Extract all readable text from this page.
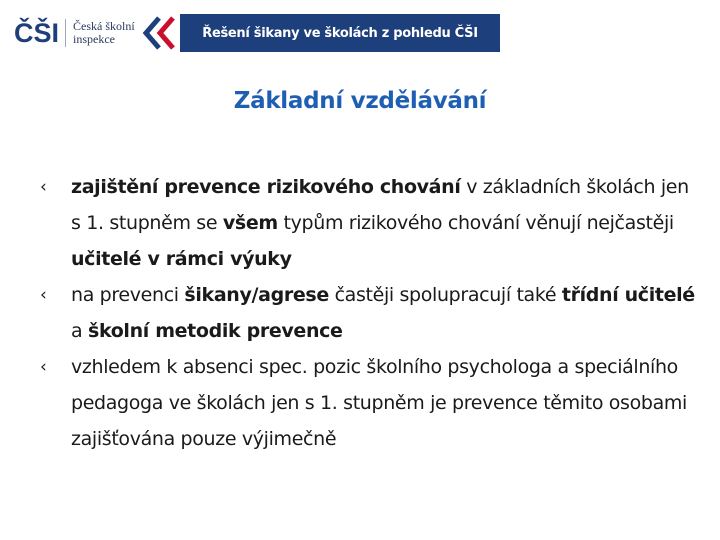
ČŠI Česká školní
inspekce	Řešení šikany ve školách z pohledu ČŠI
Základní vzdělávání
‹ zajištění prevence rizikového chování v základních školách jen s 1. stupněm se všem typům rizikového chování věnují nejčastěji učitelé v rámci výuky
‹ na prevenci šikany/agrese častěji spolupracují také třídní učitelé a školní metodik prevence
‹ vzhledem k absenci spec. pozic školního psychologa a speciálního pedagoga ve školách jen s 1. stupněm je prevence těmito osobami zajišťována pouze výjimečně
